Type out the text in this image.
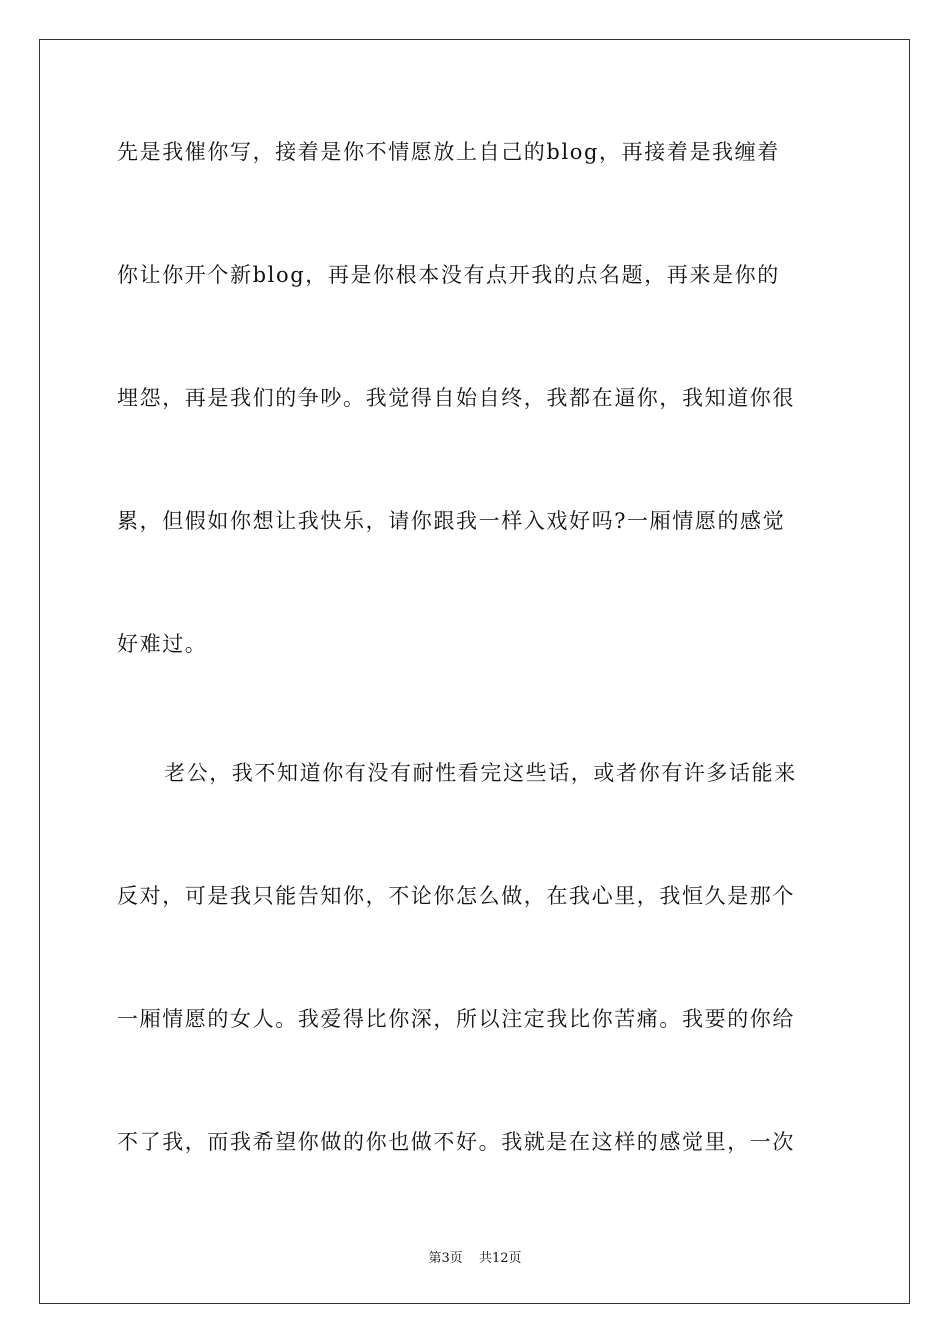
先是我催你写，接着是你不情愿放上自己的blog，再接着是我缠着

你让你开个新blog，再是你根本没有点开我的点名题，再来是你的

埋怨，再是我们的争吵。我觉得自始自终，我都在逼你，我知道你很

累，但假如你想让我快乐，请你跟我一样入戏好吗?一厢情愿的感觉

好难过。

老公，我不知道你有没有耐性看完这些话，或者你有许多话能来

反对，可是我只能告知你，不论你怎么做，在我心里，我恒久是那个

一厢情愿的女人。我爱得比你深，所以注定我比你苦痛。我要的你给

不了我，而我希望你做的你也做不好。我就是在这样的感觉里，一次

第3页 共12页
